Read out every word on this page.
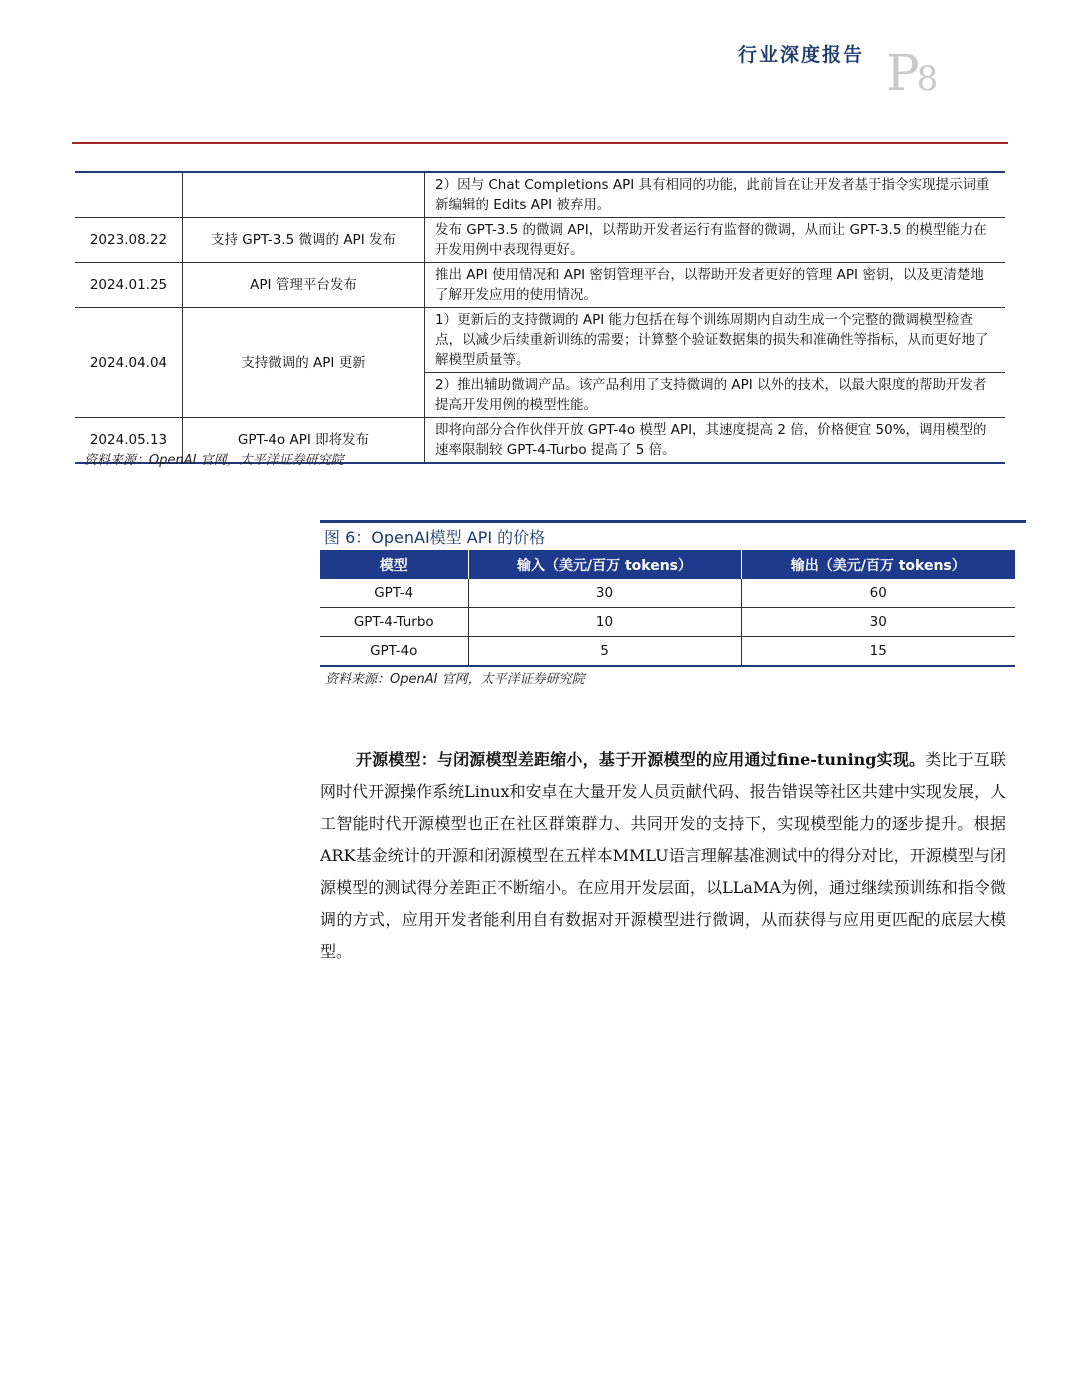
行业深度报告 P8
		2）因与 Chat Completions API 具有相同的功能，此前旨在让开发者基于指令实现提示词重新编辑的 Edits API 被弃用。
2023.08.22	支持 GPT-3.5 微调的 API 发布	发布 GPT-3.5 的微调 API，以帮助开发者运行有监督的微调，从而让 GPT-3.5 的模型能力在开发用例中表现得更好。
2024.01.25	API 管理平台发布	推出 API 使用情况和 API 密钥管理平台，以帮助开发者更好的管理 API 密钥，以及更清楚地了解开发应用的使用情况。
2024.04.04	支持微调的 API 更新	1）更新后的支持微调的 API 能力包括在每个训练周期内自动生成一个完整的微调模型检查点，以减少后续重新训练的需要；计算整个验证数据集的损失和准确性等指标，从而更好地了解模型质量等。
		2）推出辅助微调产品。该产品利用了支持微调的 API 以外的技术，以最大限度的帮助开发者提高开发用例的模型性能。
2024.05.13	GPT-4o API 即将发布	即将向部分合作伙伴开放 GPT-4o 模型 API，其速度提高 2 倍，价格便宜 50%，调用模型的速率限制较 GPT-4-Turbo 提高了 5 倍。
资料来源：OpenAI 官网，太平洋证券研究院
图 6：OpenAI模型 API 的价格
模型	输入（美元/百万 tokens）	输出（美元/百万 tokens）
GPT-4	30	60
GPT-4-Turbo	10	30
GPT-4o	5	15
资料来源：OpenAI 官网，太平洋证券研究院
开源模型：与闭源模型差距缩小，基于开源模型的应用通过fine-tuning实现。类比于互联网时代开源操作系统Linux和安卓在大量开发人员贡献代码、报告错误等社区共建中实现发展，人工智能时代开源模型也正在社区群策群力、共同开发的支持下，实现模型能力的逐步提升。根据ARK基金统计的开源和闭源模型在五样本MMLU语言理解基准测试中的得分对比，开源模型与闭源模型的测试得分差距正不断缩小。在应用开发层面，以LLaMA为例，通过继续预训练和指令微调的方式，应用开发者能利用自有数据对开源模型进行微调，从而获得与应用更匹配的底层大模型。
